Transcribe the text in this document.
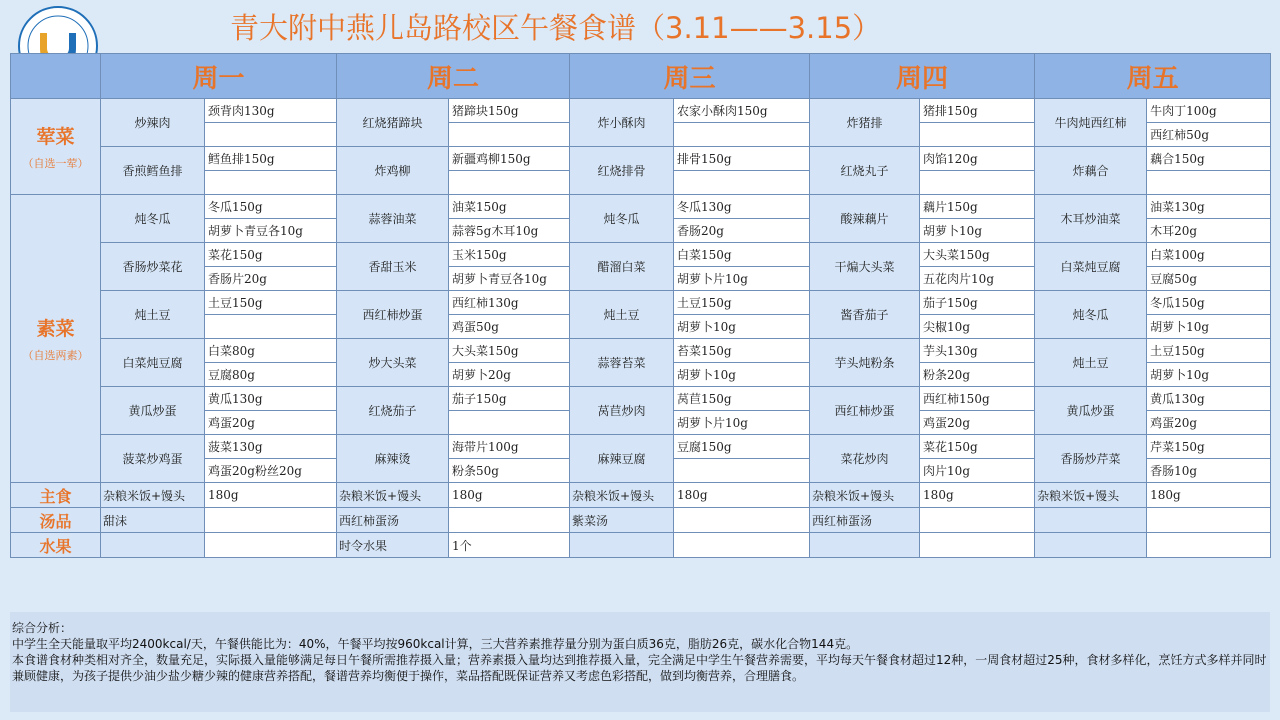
青大附中燕儿岛路校区午餐食谱（3.11——3.15）
	周一		周二		周三		周四		周五	

荤菜
（自选一荤）	炒辣肉	颈背肉130g	红烧猪蹄块	猪蹄块150g	炸小酥肉	农家小酥肉150g	炸猪排	猪排150g	牛肉炖西红柿	牛肉丁100g
										西红柿50g
	香煎鳕鱼排	鳕鱼排150g	炸鸡柳	新疆鸡柳150g	红烧排骨	排骨150g	红烧丸子	肉馅120g	炸藕合	藕合150g

素菜
（自选两素）	炖冬瓜	冬瓜150g	蒜蓉油菜	油菜150g	炖冬瓜	冬瓜130g	酸辣藕片	藕片150g	木耳炒油菜	油菜130g
		胡萝卜青豆各10g		蒜蓉5g木耳10g		香肠20g		胡萝卜10g		木耳20g
	香肠炒菜花	菜花150g	香甜玉米	玉米150g	醋溜白菜	白菜150g	干煸大头菜	大头菜150g	白菜炖豆腐	白菜100g
		香肠片20g		胡萝卜青豆各10g		胡萝卜片10g		五花肉片10g		豆腐50g
	炖土豆	土豆150g	西红柿炒蛋	西红柿130g	炖土豆	土豆150g	酱香茄子	茄子150g	炖冬瓜	冬瓜150g
				鸡蛋50g		胡萝卜10g		尖椒10g		胡萝卜10g
	白菜炖豆腐	白菜80g	炒大头菜	大头菜150g	蒜蓉苔菜	苔菜150g	芋头炖粉条	芋头130g	炖土豆	土豆150g
		豆腐80g		胡萝卜20g		胡萝卜10g		粉条20g		胡萝卜10g
	黄瓜炒蛋	黄瓜130g	红烧茄子	茄子150g	莴苣炒肉	莴苣150g	西红柿炒蛋	西红柿150g	黄瓜炒蛋	黄瓜130g
		鸡蛋20g				胡萝卜片10g		鸡蛋20g		鸡蛋20g
	菠菜炒鸡蛋	菠菜130g	麻辣烫	海带片100g	麻辣豆腐	豆腐150g	菜花炒肉	菜花150g	香肠炒芹菜	芹菜150g
		鸡蛋20g粉丝20g		粉条50g				肉片10g		香肠10g
主食	杂粮米饭+馒头	180g	杂粮米饭+馒头	180g	杂粮米饭+馒头	180g	杂粮米饭+馒头	180g	杂粮米饭+馒头	180g
汤品	甜沫		西红柿蛋汤		紫菜汤		西红柿蛋汤			
水果			时令水果	1个						

综合分析：

中学生全天能量取平均2400kcal/天，午餐供能比为：40%，午餐平均按960kcal计算，三大营养素推荐量分别为蛋白质36克，脂肪26克，碳水化合物144克。

本食谱食材种类相对齐全，数量充足，实际摄入量能够满足每日午餐所需推荐摄入量；营养素摄入量均达到推荐摄入量，完全满足中学生午餐营养需要，平均每天午餐食材超过12种，一周食材超过25种，食材多样化，烹饪方式多样并同时兼顾健康，为孩子提供少油少盐少糖少辣的健康营养搭配，餐谱营养均衡便于操作，菜品搭配既保证营养又考虑色彩搭配，做到均衡营养，合理膳食。
